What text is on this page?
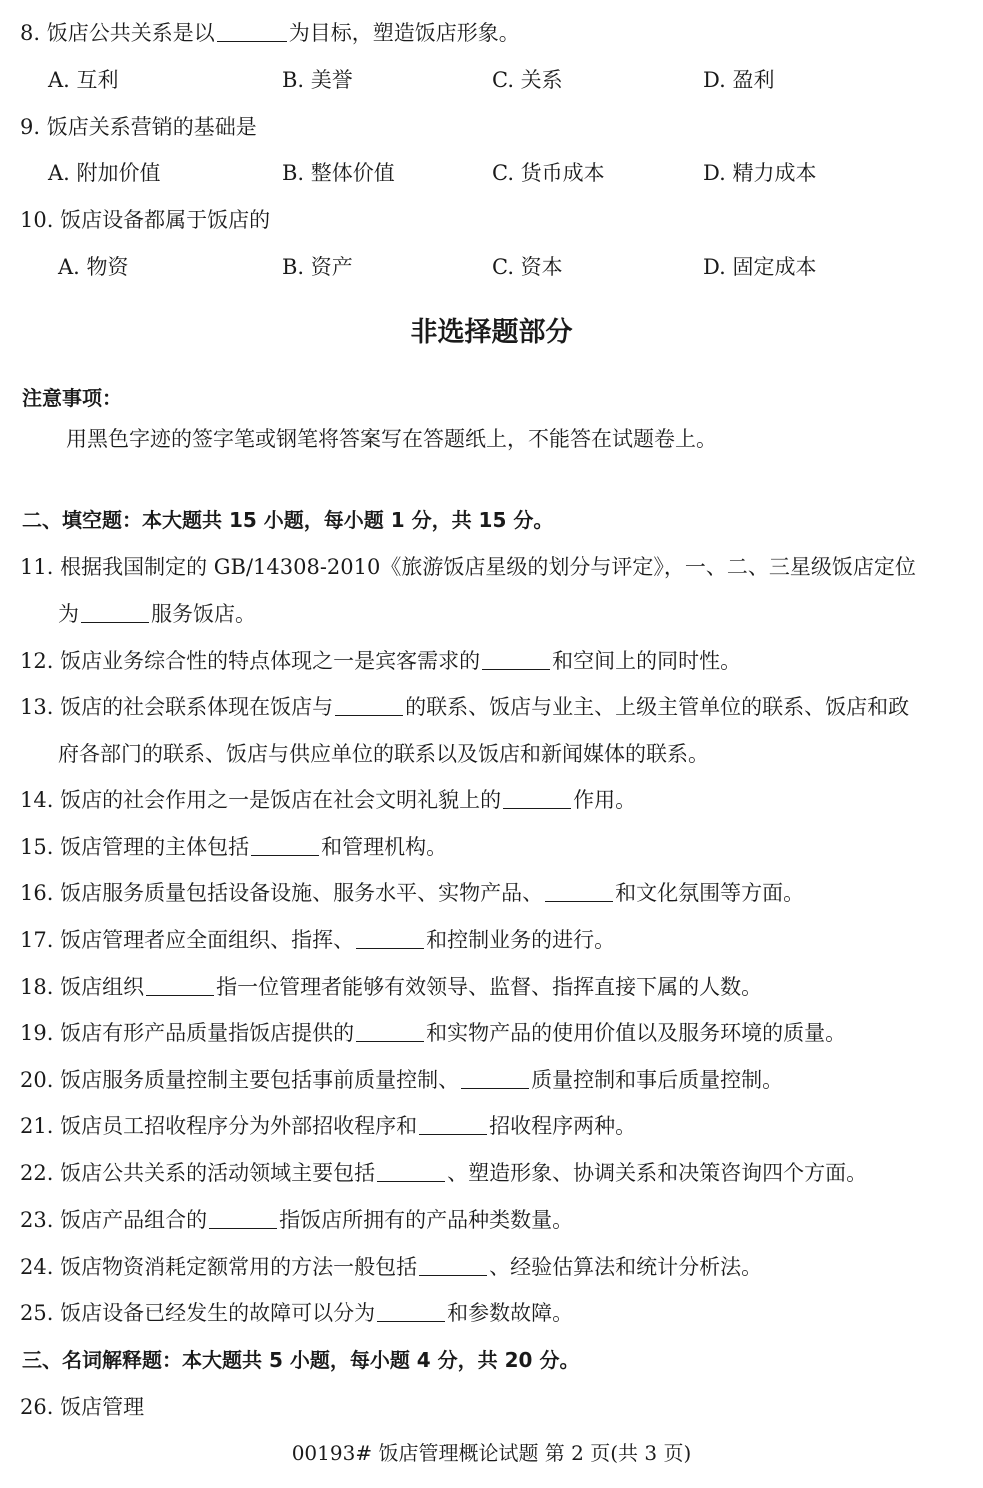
8. 饭店公共关系是以	为目标，塑造饭店形象。
A. 互利	B. 美誉	C. 关系	D. 盈利
9. 饭店关系营销的基础是
A. 附加价值	B. 整体价值	C. 货币成本	D. 精力成本
10. 饭店设备都属于饭店的
A. 物资	B. 资产	C. 资本	D. 固定成本
非选择题部分
注意事项：
用黑色字迹的签字笔或钢笔将答案写在答题纸上，不能答在试题卷上。
二、填空题：本大题共 15 小题，每小题 1 分，共 15 分。
11. 根据我国制定的 GB/14308-2010《旅游饭店星级的划分与评定》，一、二、三星级饭店定位
为	服务饭店。
12. 饭店业务综合性的特点体现之一是宾客需求的	和空间上的同时性。
13. 饭店的社会联系体现在饭店与	的联系、饭店与业主、上级主管单位的联系、饭店和政
府各部门的联系、饭店与供应单位的联系以及饭店和新闻媒体的联系。
14. 饭店的社会作用之一是饭店在社会文明礼貌上的	作用。
15. 饭店管理的主体包括	和管理机构。
16. 饭店服务质量包括设备设施、服务水平、实物产品、	和文化氛围等方面。
17. 饭店管理者应全面组织、指挥、	和控制业务的进行。
18. 饭店组织	指一位管理者能够有效领导、监督、指挥直接下属的人数。
19. 饭店有形产品质量指饭店提供的	和实物产品的使用价值以及服务环境的质量。
20. 饭店服务质量控制主要包括事前质量控制、	质量控制和事后质量控制。
21. 饭店员工招收程序分为外部招收程序和	招收程序两种。
22. 饭店公共关系的活动领域主要包括	、塑造形象、协调关系和决策咨询四个方面。
23. 饭店产品组合的	指饭店所拥有的产品种类数量。
24. 饭店物资消耗定额常用的方法一般包括	、经验估算法和统计分析法。
25. 饭店设备已经发生的故障可以分为	和参数故障。
三、名词解释题：本大题共 5 小题，每小题 4 分，共 20 分。
26. 饭店管理
00193# 饭店管理概论试题 第 2 页(共 3 页)
